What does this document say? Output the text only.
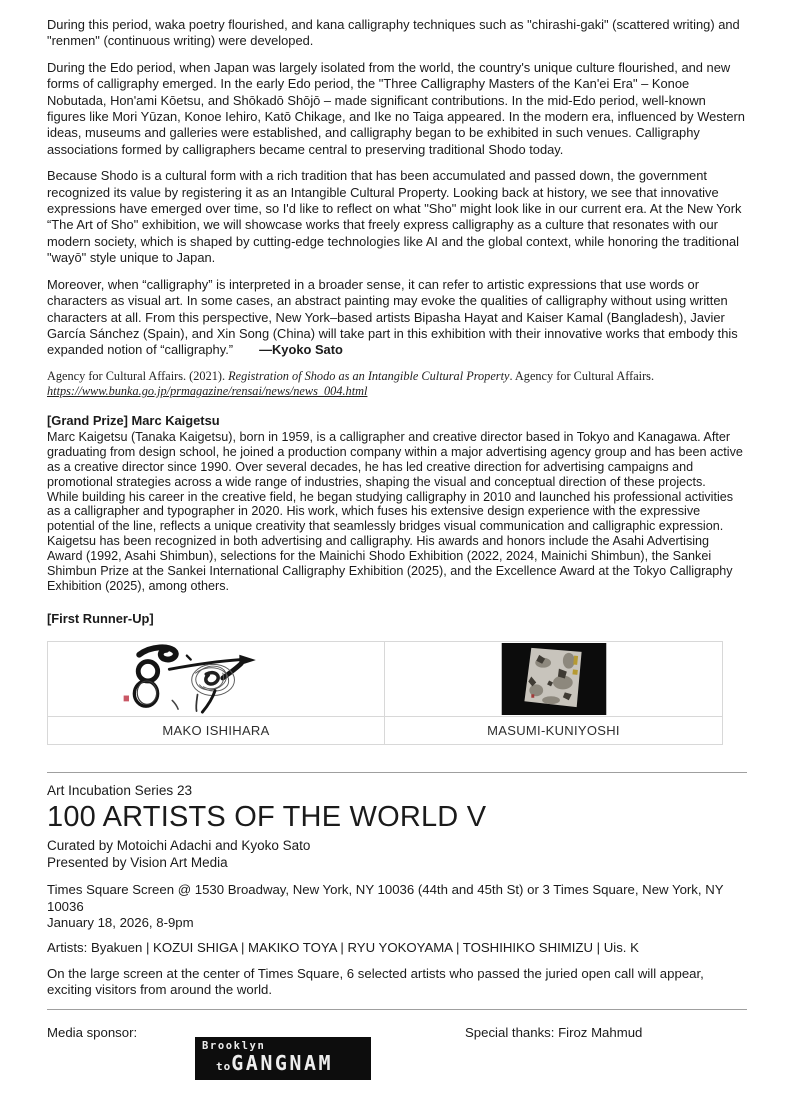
During this period, waka poetry flourished, and kana calligraphy techniques such as "chirashi-gaki" (scattered writing) and "renmen" (continuous writing) were developed.

During the Edo period, when Japan was largely isolated from the world, the country's unique culture flourished, and new forms of calligraphy emerged. In the early Edo period, the "Three Calligraphy Masters of the Kan'ei Era" – Konoe Nobutada, Hon'ami Kōetsu, and Shōkadō Shōjō – made significant contributions. In the mid-Edo period, well-known figures like Mori Yūzan, Konoe Iehiro, Katō Chikage, and Ike no Taiga appeared. In the modern era, influenced by Western ideas, museums and galleries were established, and calligraphy began to be exhibited in such venues. Calligraphy associations formed by calligraphers became central to preserving traditional Shodo today.

Because Shodo is a cultural form with a rich tradition that has been accumulated and passed down, the government recognized its value by registering it as an Intangible Cultural Property. Looking back at history, we see that innovative expressions have emerged over time, so I'd like to reflect on what "Sho" might look like in our current era. At the New York “The Art of Sho" exhibition, we will showcase works that freely express calligraphy as a culture that resonates with our modern society, which is shaped by cutting-edge technologies like AI and the global context, while honoring the traditional "wayō" style unique to Japan.

Moreover, when “calligraphy” is interpreted in a broader sense, it can refer to artistic expressions that use words or characters as visual art. In some cases, an abstract painting may evoke the qualities of calligraphy without using written characters at all. From this perspective, New York–based artists Bipasha Hayat and Kaiser Kamal (Bangladesh), Javier García Sánchez (Spain), and Xin Song (China) will take part in this exhibition with their innovative works that embody this expanded notion of “calligraphy.” —Kyoko Sato

Agency for Cultural Affairs. (2021). Registration of Shodo as an Intangible Cultural Property. Agency for Cultural Affairs.
https://www.bunka.go.jp/prmagazine/rensai/news/news_004.html

[Grand Prize] Marc Kaigetsu

Marc Kaigetsu (Tanaka Kaigetsu), born in 1959, is a calligrapher and creative director based in Tokyo and Kanagawa. After graduating from design school, he joined a production company within a major advertising agency group and has been active as a creative director since 1990. Over several decades, he has led creative direction for advertising campaigns and promotional strategies across a wide range of industries, shaping the visual and conceptual direction of these projects.

While building his career in the creative field, he began studying calligraphy in 2010 and launched his professional activities as a calligrapher and typographer in 2020. His work, which fuses his extensive design experience with the expressive potential of the line, reflects a unique creativity that seamlessly bridges visual communication and calligraphic expression.

Kaigetsu has been recognized in both advertising and calligraphy. His awards and honors include the Asahi Advertising Award (1992, Asahi Shimbun), selections for the Mainichi Shodo Exhibition (2022, 2024, Mainichi Shimbun), the Sankei Shimbun Prize at the Sankei International Calligraphy Exhibition (2025), and the Excellence Award at the Tokyo Calligraphy Exhibition (2025), among others.

[First Runner-Up]

MAKO ISHIHARA	MASUMI-KUNIYOSHI

Art Incubation Series 23

100 ARTISTS OF THE WORLD V

Curated by Motoichi Adachi and Kyoko Sato

Presented by Vision Art Media

Times Square Screen @ 1530 Broadway, New York, NY 10036 (44th and 45th St) or 3 Times Square, New York, NY

10036

January 18, 2026, 8-9pm

Artists: Byakuen | KOZUI SHIGA | MAKIKO TOYA | RYU YOKOYAMA | TOSHIHIKO SHIMIZU | Uis. K

On the large screen at the center of Times Square, 6 selected artists who passed the juried open call will appear, exciting visitors from around the world.

Media sponsor:	Special thanks: Firoz Mahmud
Brooklyn
toGANGNAM
